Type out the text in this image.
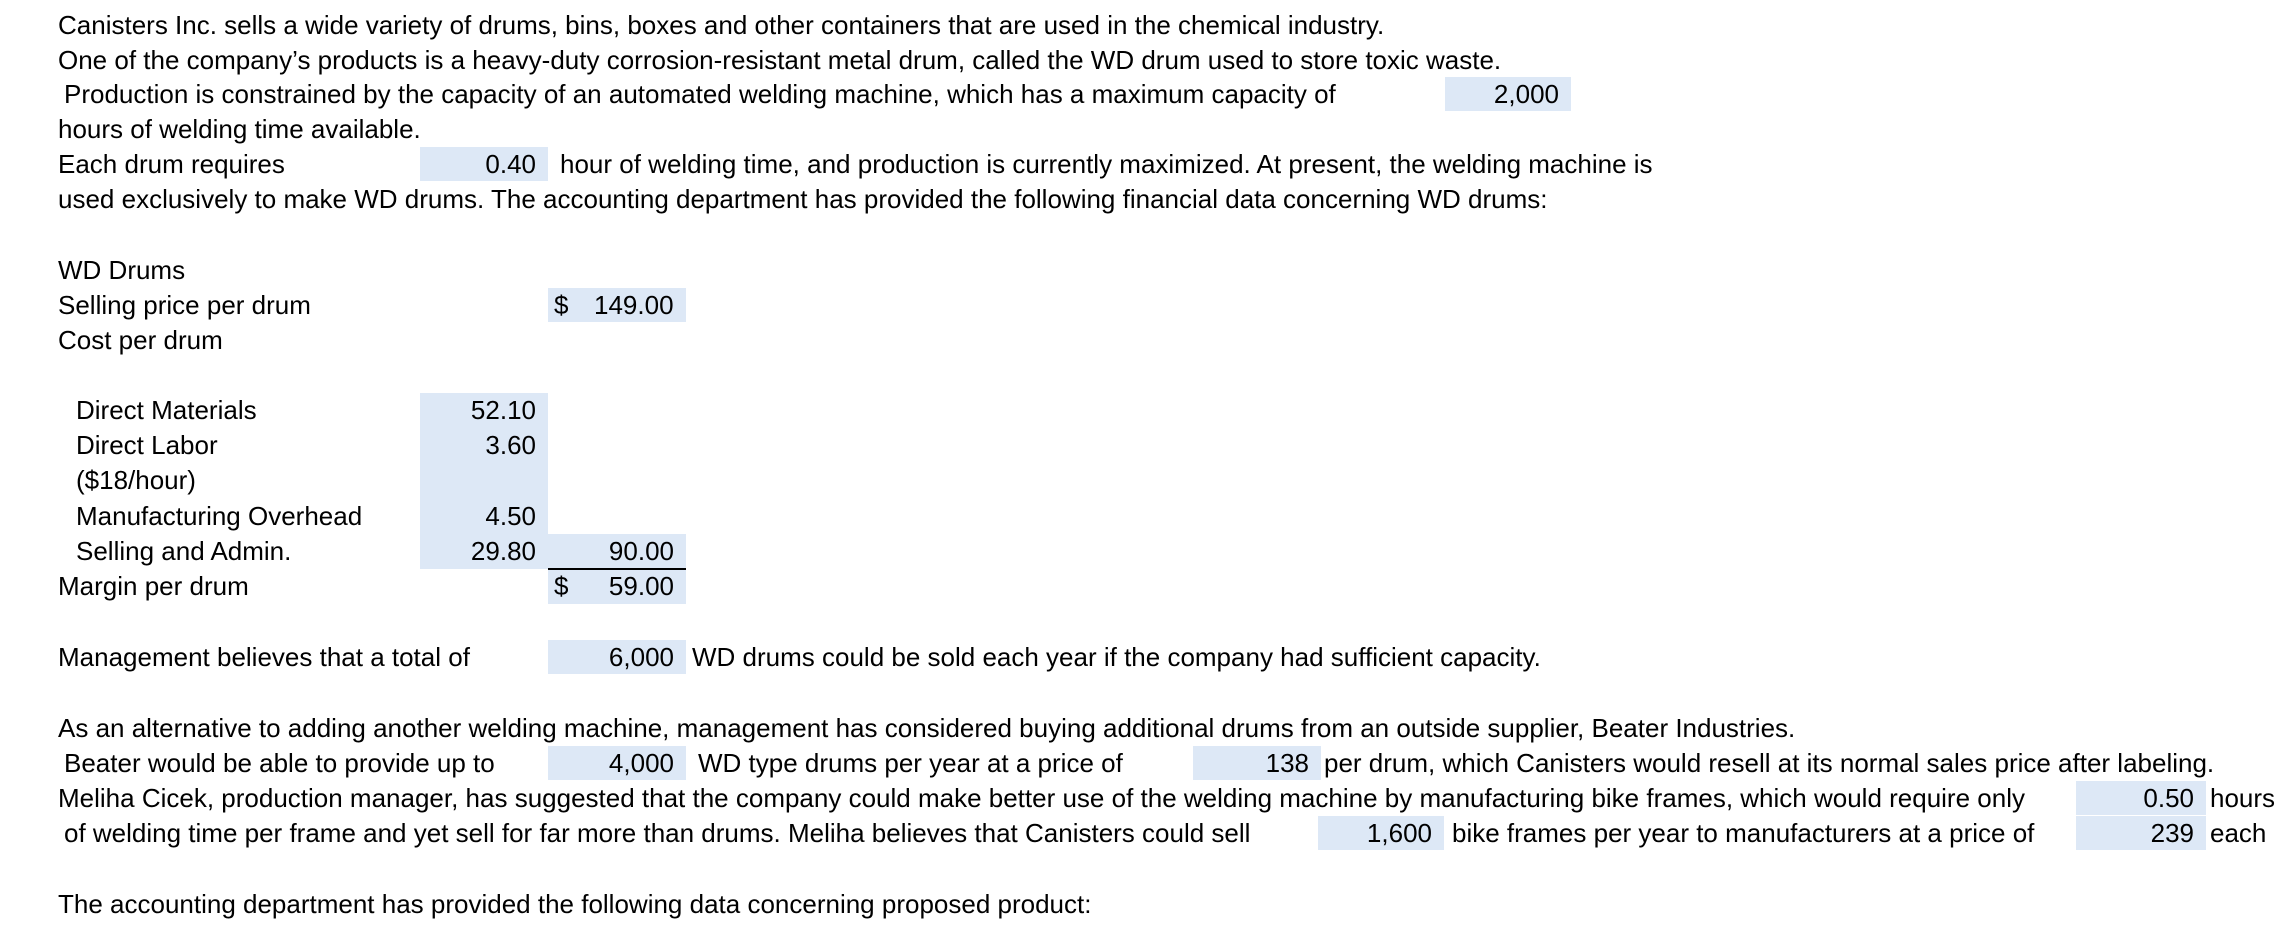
Canisters Inc. sells a wide variety of drums, bins, boxes and other containers that are used in the chemical industry.
One of the company’s products is a heavy-duty corrosion-resistant metal drum, called the WD drum used to store toxic waste.
Production is constrained by the capacity of an automated welding machine, which has a maximum capacity of	2,000
hours of welding time available.
Each drum requires	0.40 hour of welding time, and production is currently maximized. At present, the welding machine is
used exclusively to make WD drums. The accounting department has provided the following financial data concerning WD drums:
WD Drums
Selling price per drum	$ 149.00
Cost per drum
Direct Materials	52.10
Direct Labor	3.60
($18/hour)
Manufacturing Overhead	4.50
Selling and Admin.	29.80	90.00
Margin per drum	$	59.00
Management believes that a total of	6,000 WD drums could be sold each year if the company had sufficient capacity.
As an alternative to adding another welding machine, management has considered buying additional drums from an outside supplier, Beater Industries.
Beater would be able to provide up to	4,000 WD type drums per year at a price of	138 per drum, which Canisters would resell at its normal sales price after labeling.
Meliha Cicek, production manager, has suggested that the company could make better use of the welding machine by manufacturing bike frames, which would require only	0.50 hours
of welding time per frame and yet sell for far more than drums. Meliha believes that Canisters could sell	1,600 bike frames per year to manufacturers at a price of	239 each
The accounting department has provided the following data concerning proposed product:
